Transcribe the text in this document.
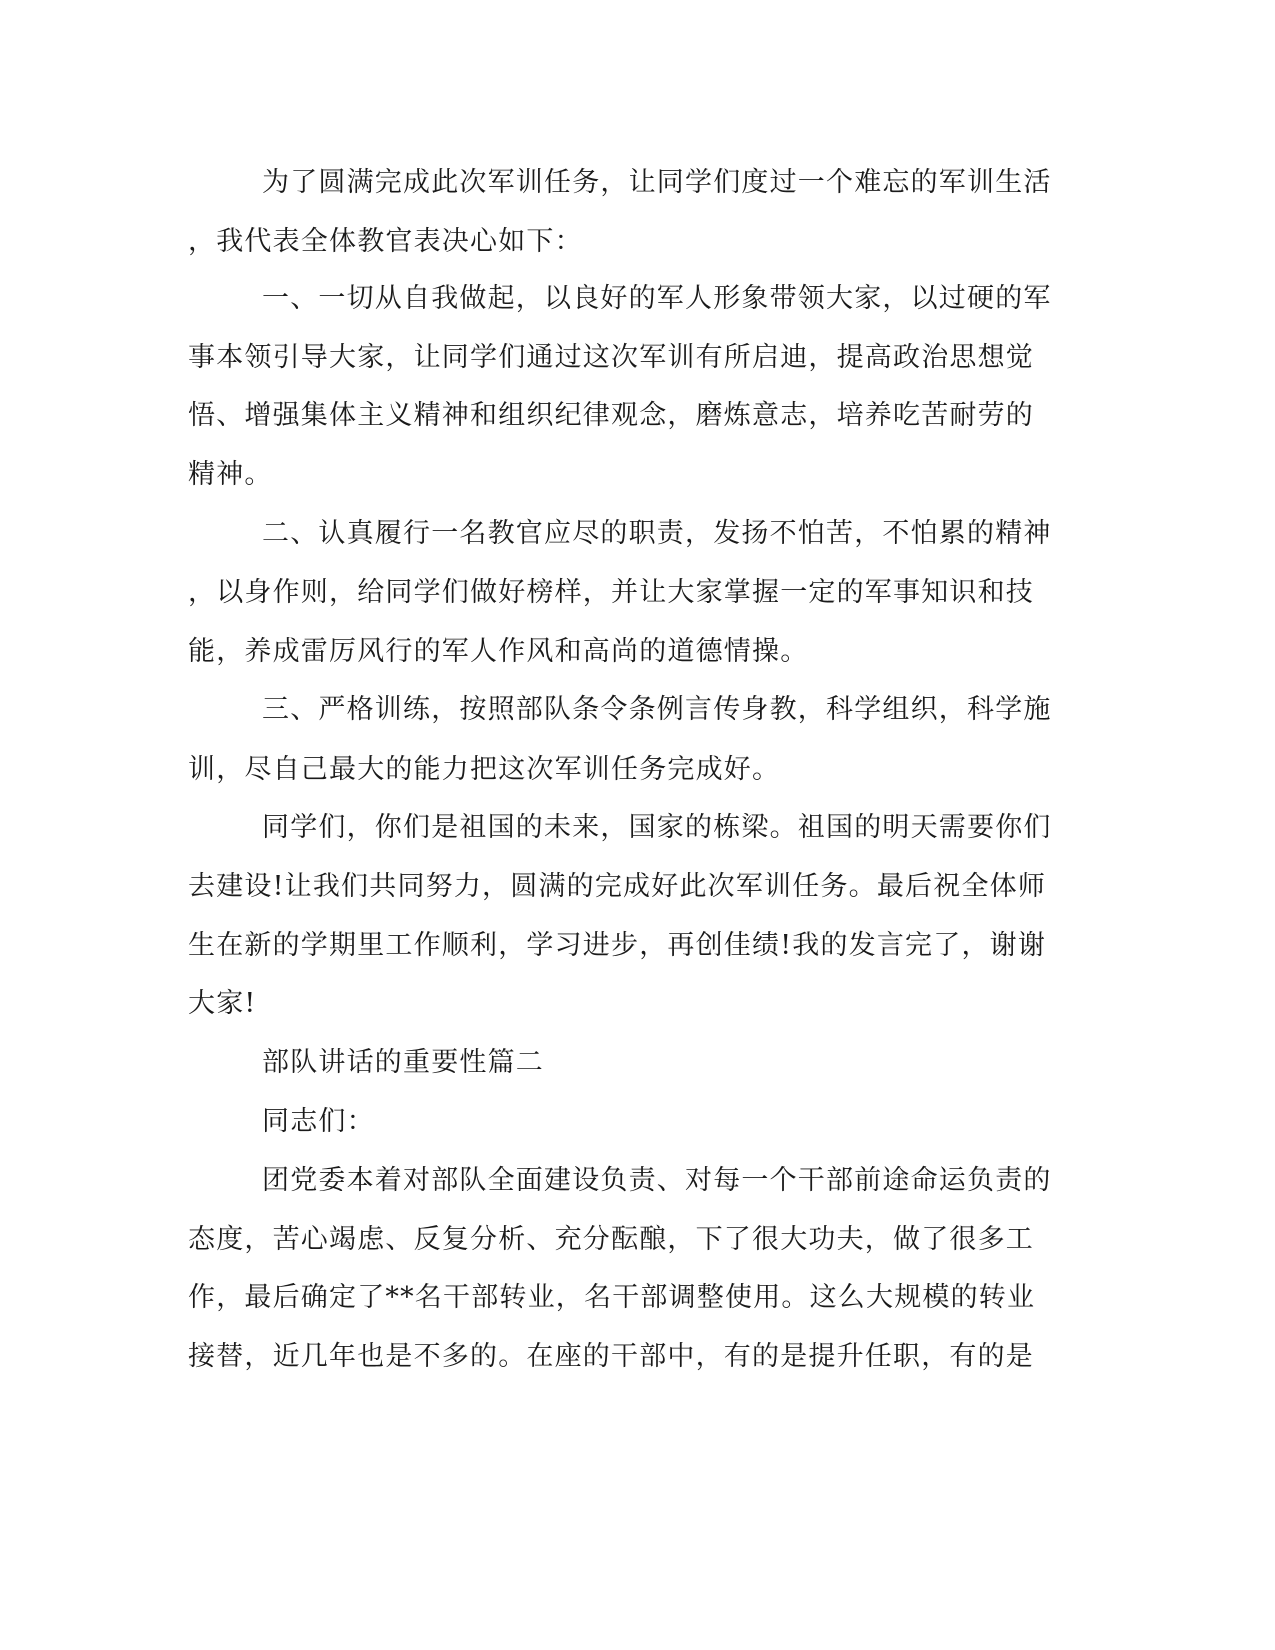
为了圆满完成此次军训任务，让同学们度过一个难忘的军训生活
，我代表全体教官表决心如下：
一、一切从自我做起，以良好的军人形象带领大家，以过硬的军
事本领引导大家，让同学们通过这次军训有所启迪，提高政治思想觉
悟、增强集体主义精神和组织纪律观念，磨炼意志，培养吃苦耐劳的
精神。
二、认真履行一名教官应尽的职责，发扬不怕苦，不怕累的精神
，以身作则，给同学们做好榜样，并让大家掌握一定的军事知识和技
能，养成雷厉风行的军人作风和高尚的道德情操。
三、严格训练，按照部队条令条例言传身教，科学组织，科学施
训，尽自己最大的能力把这次军训任务完成好。
同学们，你们是祖国的未来，国家的栋梁。祖国的明天需要你们
去建设!让我们共同努力，圆满的完成好此次军训任务。最后祝全体师
生在新的学期里工作顺利，学习进步，再创佳绩!我的发言完了，谢谢
大家!
部队讲话的重要性篇二
同志们：
团党委本着对部队全面建设负责、对每一个干部前途命运负责的
态度，苦心竭虑、反复分析、充分酝酿，下了很大功夫，做了很多工
作，最后确定了**名干部转业，名干部调整使用。这么大规模的转业
接替，近几年也是不多的。在座的干部中，有的是提升任职，有的是
